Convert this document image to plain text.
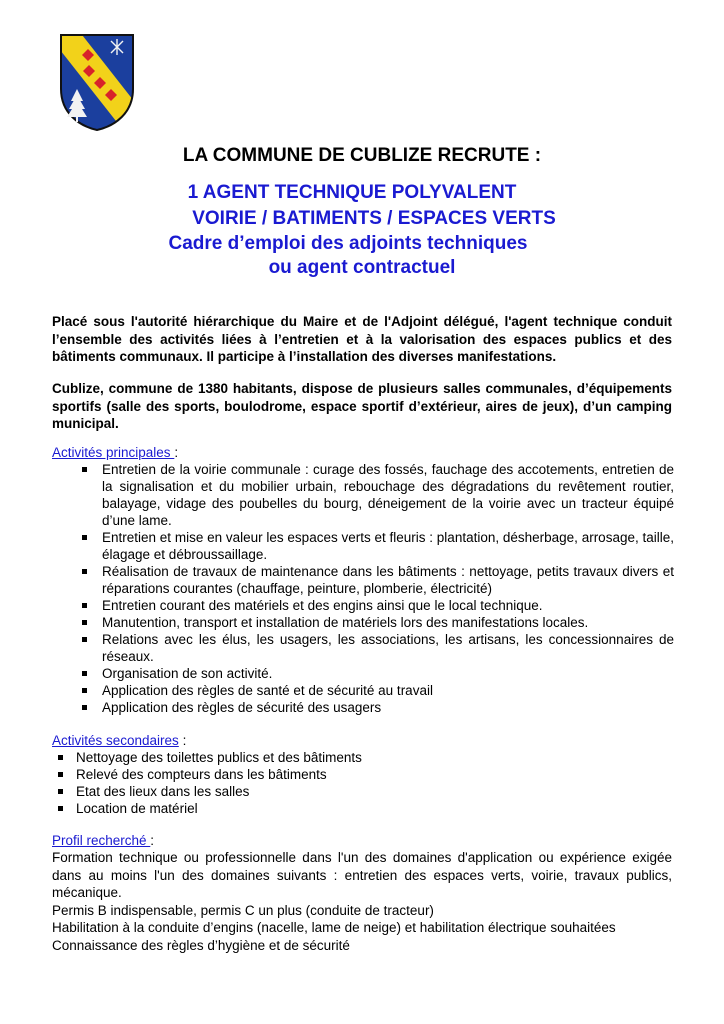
LA COMMUNE DE CUBLIZE RECRUTE :
1 AGENT TECHNIQUE POLYVALENT
VOIRIE / BATIMENTS / ESPACES VERTS
Cadre d’emploi des adjoints techniques
ou agent contractuel
Placé sous l'autorité hiérarchique du Maire et de l'Adjoint délégué, l'agent technique conduit l’ensemble des activités liées à l’entretien et à la valorisation des espaces publics et des bâtiments communaux. Il participe à l’installation des diverses manifestations.
Cublize, commune de 1380 habitants, dispose de plusieurs salles communales, d’équipements sportifs (salle des sports, boulodrome, espace sportif d’extérieur, aires de jeux), d’un camping municipal.
Activités principales :
Entretien de la voirie communale : curage des fossés, fauchage des accotements, entretien de la signalisation et du mobilier urbain, rebouchage des dégradations du revêtement routier, balayage, vidage des poubelles du bourg, déneigement de la voirie avec un tracteur équipé d’une lame.
Entretien et mise en valeur les espaces verts et fleuris : plantation, désherbage, arrosage, taille, élagage et débroussaillage.
Réalisation de travaux de maintenance dans les bâtiments : nettoyage, petits travaux divers et réparations courantes (chauffage, peinture, plomberie, électricité)
Entretien courant des matériels et des engins ainsi que le local technique.
Manutention, transport et installation de matériels lors des manifestations locales.
Relations avec les élus, les usagers, les associations, les artisans, les concessionnaires de réseaux.
Organisation de son activité.
Application des règles de santé et de sécurité au travail
Application des règles de sécurité des usagers
Activités secondaires :
Nettoyage des toilettes publics et des bâtiments
Relevé des compteurs dans les bâtiments
Etat des lieux dans les salles
Location de matériel
Profil recherché :

Formation technique ou professionnelle dans l'un des domaines d'application ou expérience exigée dans au moins l'un des domaines suivants : entretien des espaces verts, voirie, travaux publics, mécanique.

Permis B indispensable, permis C un plus (conduite de tracteur)

Habilitation à la conduite d’engins (nacelle, lame de neige) et habilitation électrique souhaitées

Connaissance des règles d’hygiène et de sécurité
